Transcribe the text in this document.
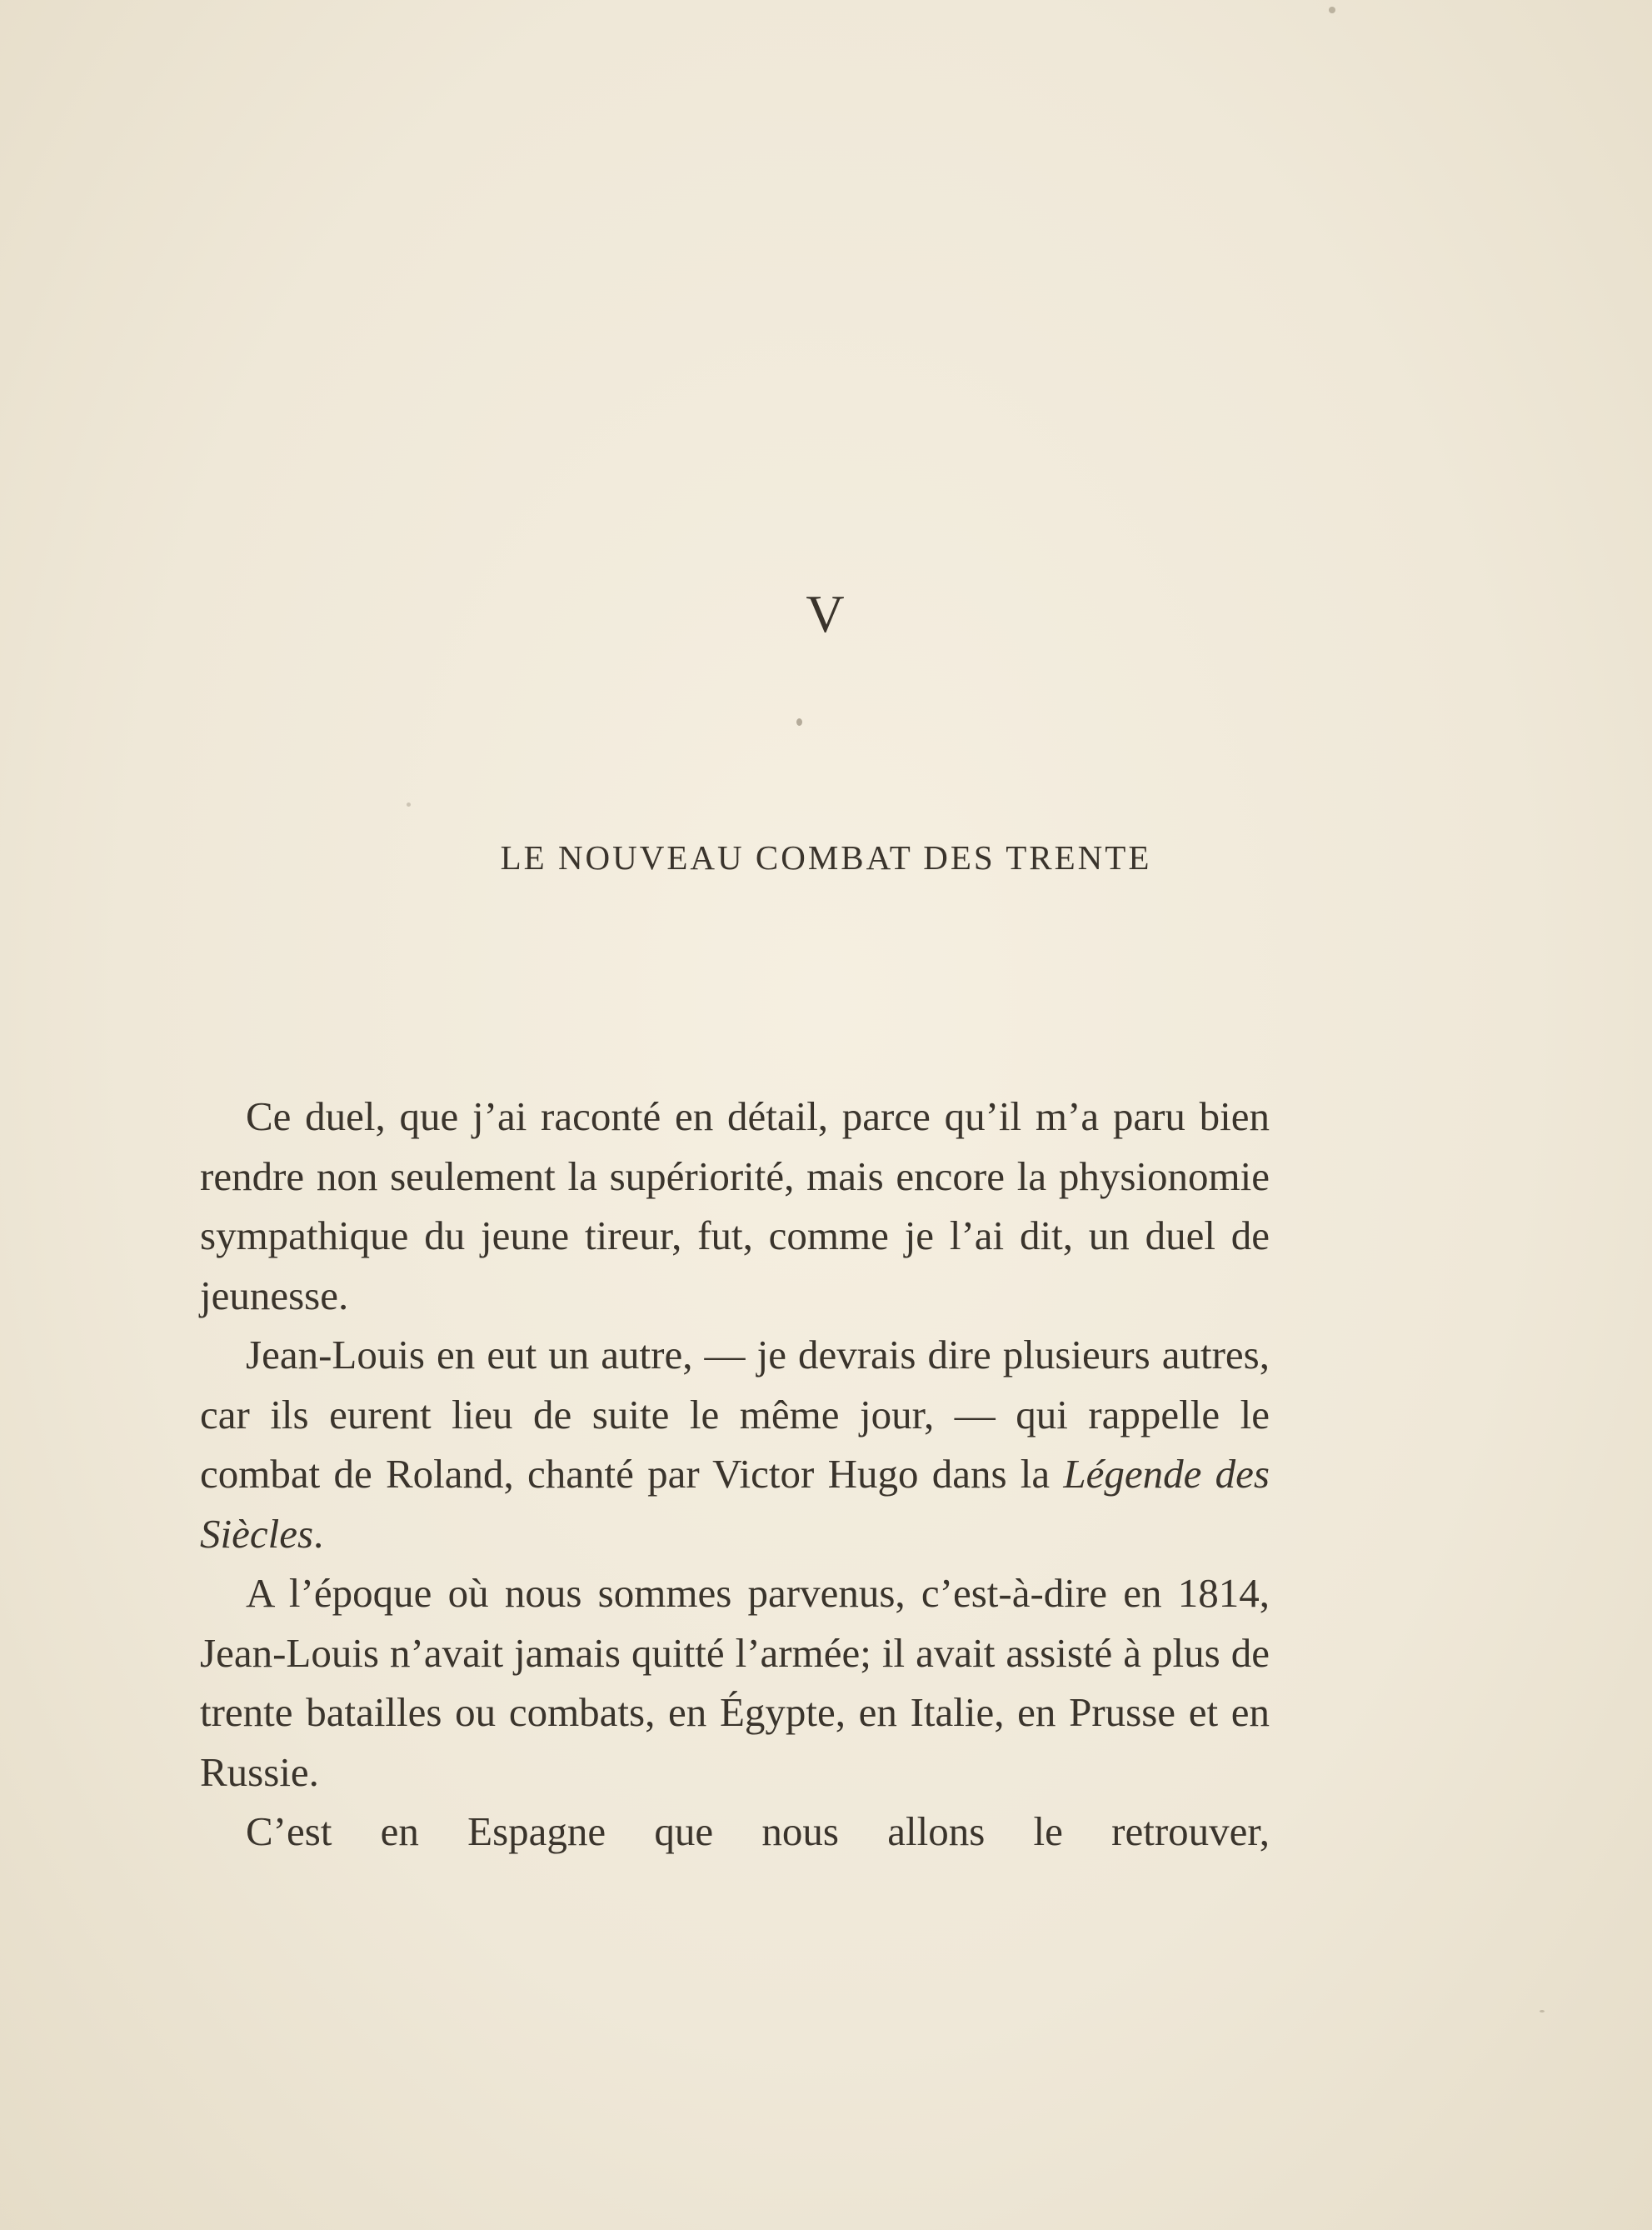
V
LE NOUVEAU COMBAT DES TRENTE

Ce duel, que j’ai raconté en détail, parce qu’il m’a paru bien rendre non seulement la supériorité, mais encore la physionomie sympathique du jeune tireur, fut, comme je l’ai dit, un duel de jeunesse.

Jean-Louis en eut un autre, — je devrais dire plusieurs autres, car ils eurent lieu de suite le même jour, — qui rappelle le combat de Roland, chanté par Victor Hugo dans la Légende des Siècles.

A l’époque où nous sommes parvenus, c’est-à-dire en 1814, Jean-Louis n’avait jamais quitté l’armée; il avait assisté à plus de trente batailles ou combats, en Égypte, en Italie, en Prusse et en Russie.

C’est en Espagne que nous allons le retrouver,
